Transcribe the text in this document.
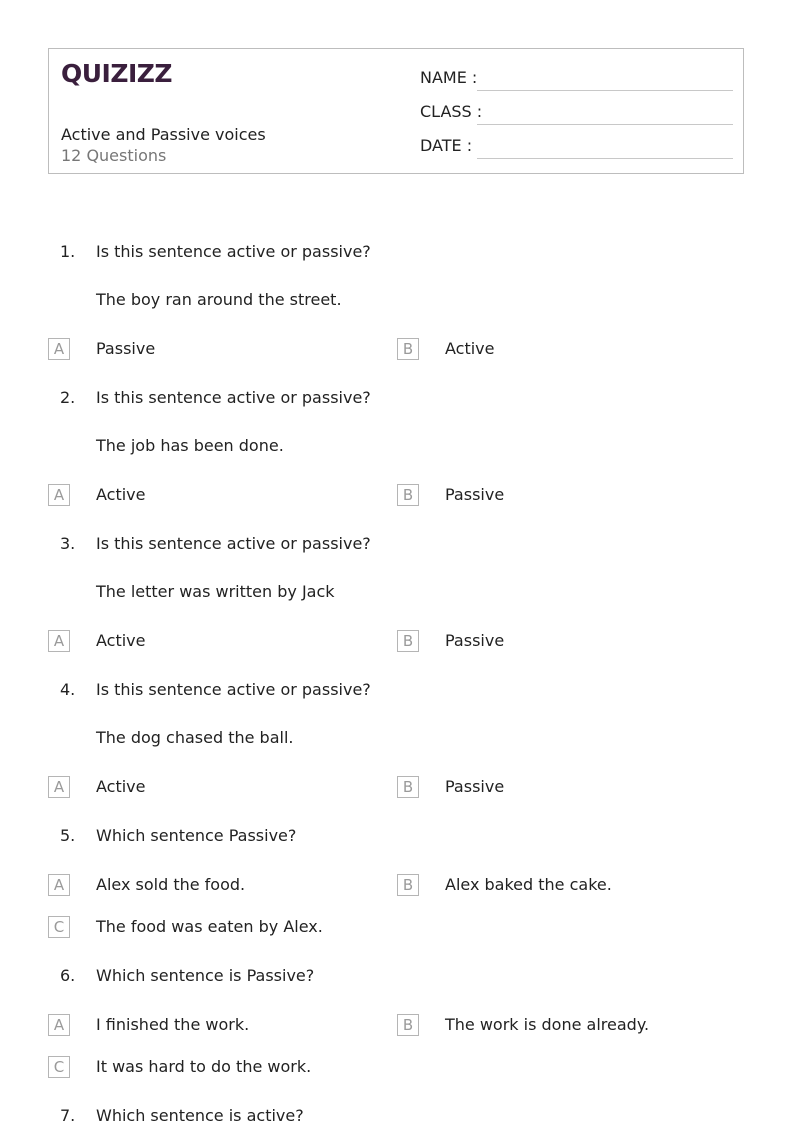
QUIZIZZ
Active and Passive voices
12 Questions
NAME :
CLASS :
DATE :
1. Is this sentence active or passive?
The boy ran around the street.
A	Passive	B	Active
2. Is this sentence active or passive?
The job has been done.
A	Active	B	Passive
3. Is this sentence active or passive?
The letter was written by Jack
A	Active	B	Passive
4. Is this sentence active or passive?
The dog chased the ball.
A	Active	B	Passive
5. Which sentence Passive?
A	Alex sold the food.	B	Alex baked the cake.
C	The food was eaten by Alex.
6. Which sentence is Passive?
A	I finished the work.	B	The work is done already.
C	It was hard to do the work.
7. Which sentence is active?
